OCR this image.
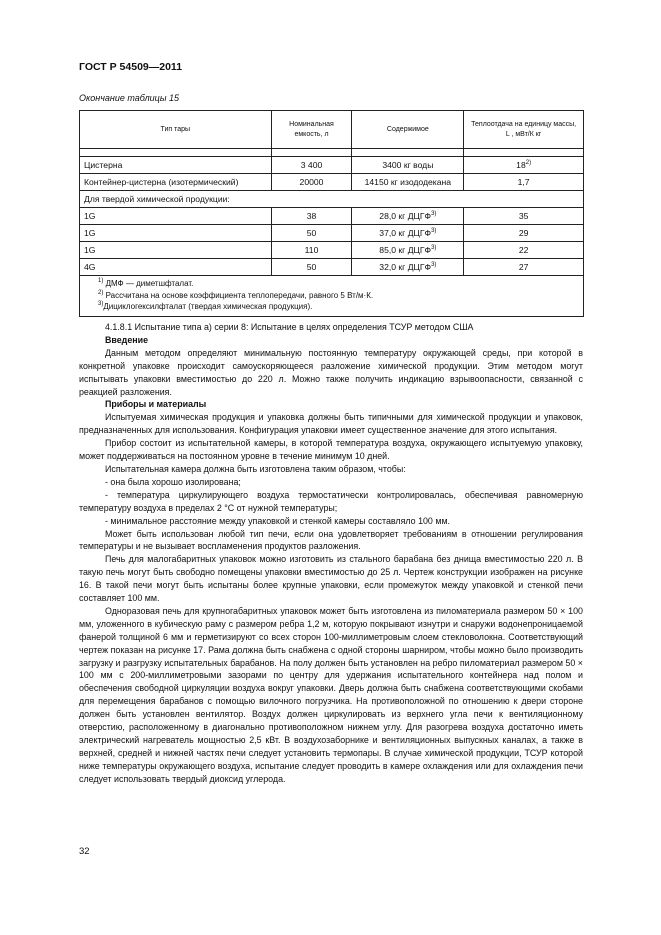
ГОСТ Р 54509—2011
Окончание таблицы 15
Тип тары	Номинальная емкость, л	Содержимое	Теплоотдача на единицу массы, L , мВт/К кг

Цистерна	3 400	3400 кг воды	18$^{2)}$
Контейнер-цистерна (изотермический)	20000	14150 кг изододекана	1,7
Для твердой химической продукции:			
1G	38	28,0 кг ДЦГФ$^{3)}$	35
1G	50	37,0 кг ДЦГФ$^{3)}$	29
1G	110	85,0 кг ДЦГФ$^{3)}$	22
4G	50	32,0 кг ДЦГФ$^{3)}$	27

$^{1)}$ ДМФ — диметшфталат.
$^{2)}$ Рассчитана на основе коэффициента теплопередачи, равного 5 Вт/м·К.
$^{3)}$Дициклогексилфталат (твердая химическая продукция).			

4.1.8.1 Испытание типа а) серии 8: Испытание в целях определения ТСУР методом США

Введение

Данным методом определяют минимальную постоянную температуру окружающей среды, при которой в конкретной упаковке происходит самоускоряющееся разложение химической продукции. Этим методом могут испытывать упаковки вместимостью до 220 л. Можно также получить индикацию взрывоопасности, связанной с реакцией разложения.

Приборы и материалы

Испытуемая химическая продукция и упаковка должны быть типичными для химической продукции и упаковок, предназначенных для использования. Конфигурация упаковки имеет существенное значение для этого испытания.

Прибор состоит из испытательной камеры, в которой температура воздуха, окружающего испытуемую упаковку, может поддерживаться на постоянном уровне в течение минимум 10 дней.

Испытательная камера должна быть изготовлена таким образом, чтобы:

- она была хорошо изолирована;

- температура циркулирующего воздуха термостатически контролировалась, обеспечивая равномерную температуру воздуха в пределах 2 °С от нужной температуры;

- минимальное расстояние между упаковкой и стенкой камеры составляло 100 мм.

Может быть использован любой тип печи, если она удовлетворяет требованиям в отношении регулирования температуры и не вызывает воспламенения продуктов разложения.

Печь для малогабаритных упаковок можно изготовить из стального барабана без днища вместимостью 220 л. В такую печь могут быть свободно помещены упаковки вместимостью до 25 л. Чертеж конструкции изображен на рисунке 16. В такой печи могут быть испытаны более крупные упаковки, если промежуток между упаковкой и стенкой печи составляет 100 мм.

Одноразовая печь для крупногабаритных упаковок может быть изготовлена из пиломатериала размером 50 × 100 мм, уложенного в кубическую раму с размером ребра 1,2 м, которую покрывают изнутри и снаружи водонепроницаемой фанерой толщиной 6 мм и герметизируют со всех сторон 100-миллиметровым слоем стекловолокна. Соответствующий чертеж показан на рисунке 17. Рама должна быть снабжена с одной стороны шарниром, чтобы можно было производить загрузку и разгрузку испытательных барабанов. На полу должен быть установлен на ребро пиломатериал размером 50 × 100 мм с 200-миллиметровыми зазорами по центру для удержания испытательного контейнера над полом и обеспечения свободной циркуляции воздуха вокруг упаковки. Дверь должна быть снабжена соответствующими скобами для перемещения барабанов с помощью вилочного погрузчика. На противоположной по отношению к двери стороне должен быть установлен вентилятор. Воздух должен циркулировать из верхнего угла печи к вентиляционному отверстию, расположенному в диагонально противоположном нижнем углу. Для разогрева воздуха достаточно иметь электрический нагреватель мощностью 2,5 кВт. В воздухозаборнике и вентиляционных выпускных каналах, а также в верхней, средней и нижней частях печи следует установить термопары. В случае химической продукции, ТСУР которой ниже температуры окружающего воздуха, испытание следует проводить в камере охлаждения или для охлаждения печи следует использовать твердый диоксид углерода.

32
